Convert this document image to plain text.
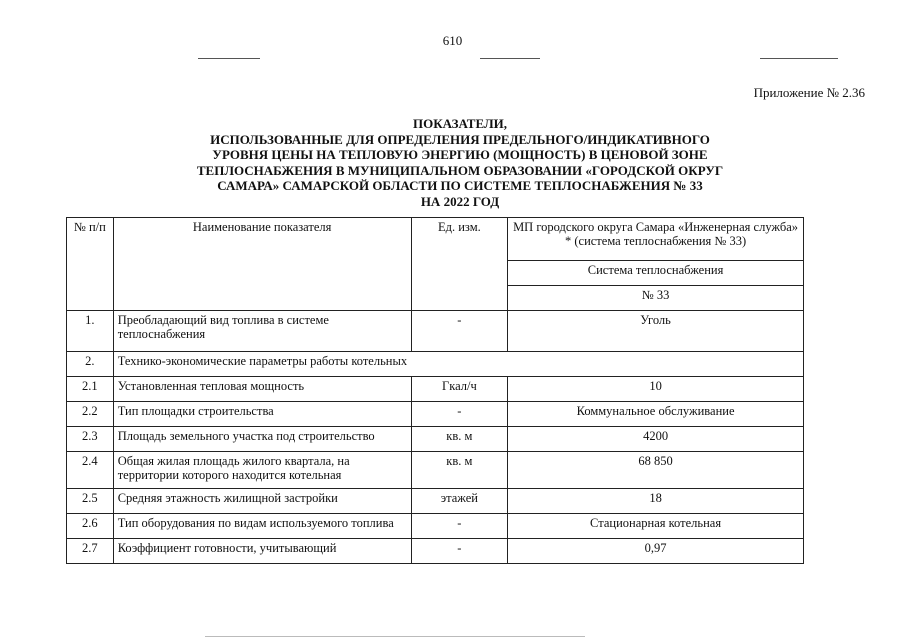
610
Приложение № 2.36
ПОКАЗАТЕЛИ,
ИСПОЛЬЗОВАННЫЕ ДЛЯ ОПРЕДЕЛЕНИЯ ПРЕДЕЛЬНОГО/ИНДИКАТИВНОГО
УРОВНЯ ЦЕНЫ НА ТЕПЛОВУЮ ЭНЕРГИЮ (МОЩНОСТЬ) В ЦЕНОВОЙ ЗОНЕ
ТЕПЛОСНАБЖЕНИЯ В МУНИЦИПАЛЬНОМ ОБРАЗОВАНИИ «ГОРОДСКОЙ ОКРУГ
САМАРА» САМАРСКОЙ ОБЛАСТИ ПО СИСТЕМЕ ТЕПЛОСНАБЖЕНИЯ № 33
НА 2022 ГОД
№ п/п	Наименование показателя	Ед. изм.	МП городского округа Самара «Инженерная служба» * (система теплоснабжения № 33)
			Система теплоснабжения
			№ 33
1.	Преобладающий вид топлива в системе теплоснабжения	-	Уголь
2.	Технико-экономические параметры работы котельных		
2.1	Установленная тепловая мощность	Гкал/ч	10
2.2	Тип площадки строительства	-	Коммунальное обслуживание
2.3	Площадь земельного участка под строительство	кв. м	4200
2.4	Общая жилая площадь жилого квартала, на территории которого находится котельная	кв. м	68 850
2.5	Средняя этажность жилищной застройки	этажей	18
2.6	Тип оборудования по видам используемого топлива	-	Стационарная котельная
2.7	Коэффициент готовности, учитывающий	-	0,97
